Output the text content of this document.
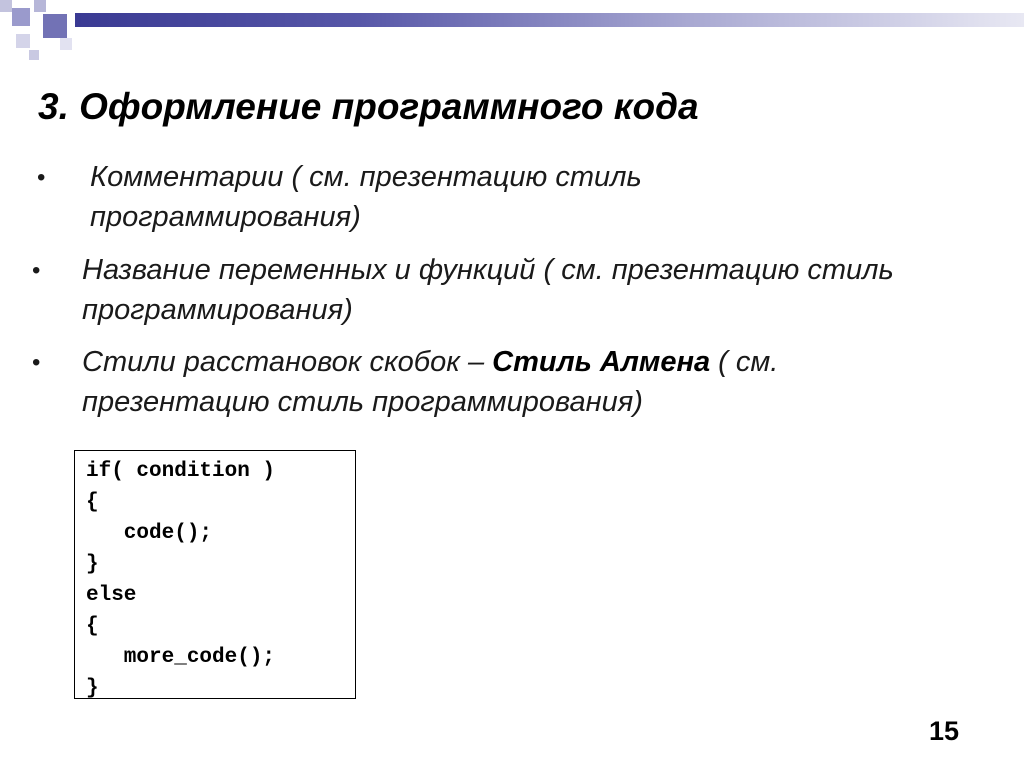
3. Оформление программного кода
• Комментарии ( см. презентацию стиль программирования)
• Название переменных и функций ( см. презентацию стиль программирования)
• Стили расстановок скобок – Стиль Алмена ( см. презентацию стиль программирования)
if( condition )
{
code();
}
else
{
more_code();
}
15
